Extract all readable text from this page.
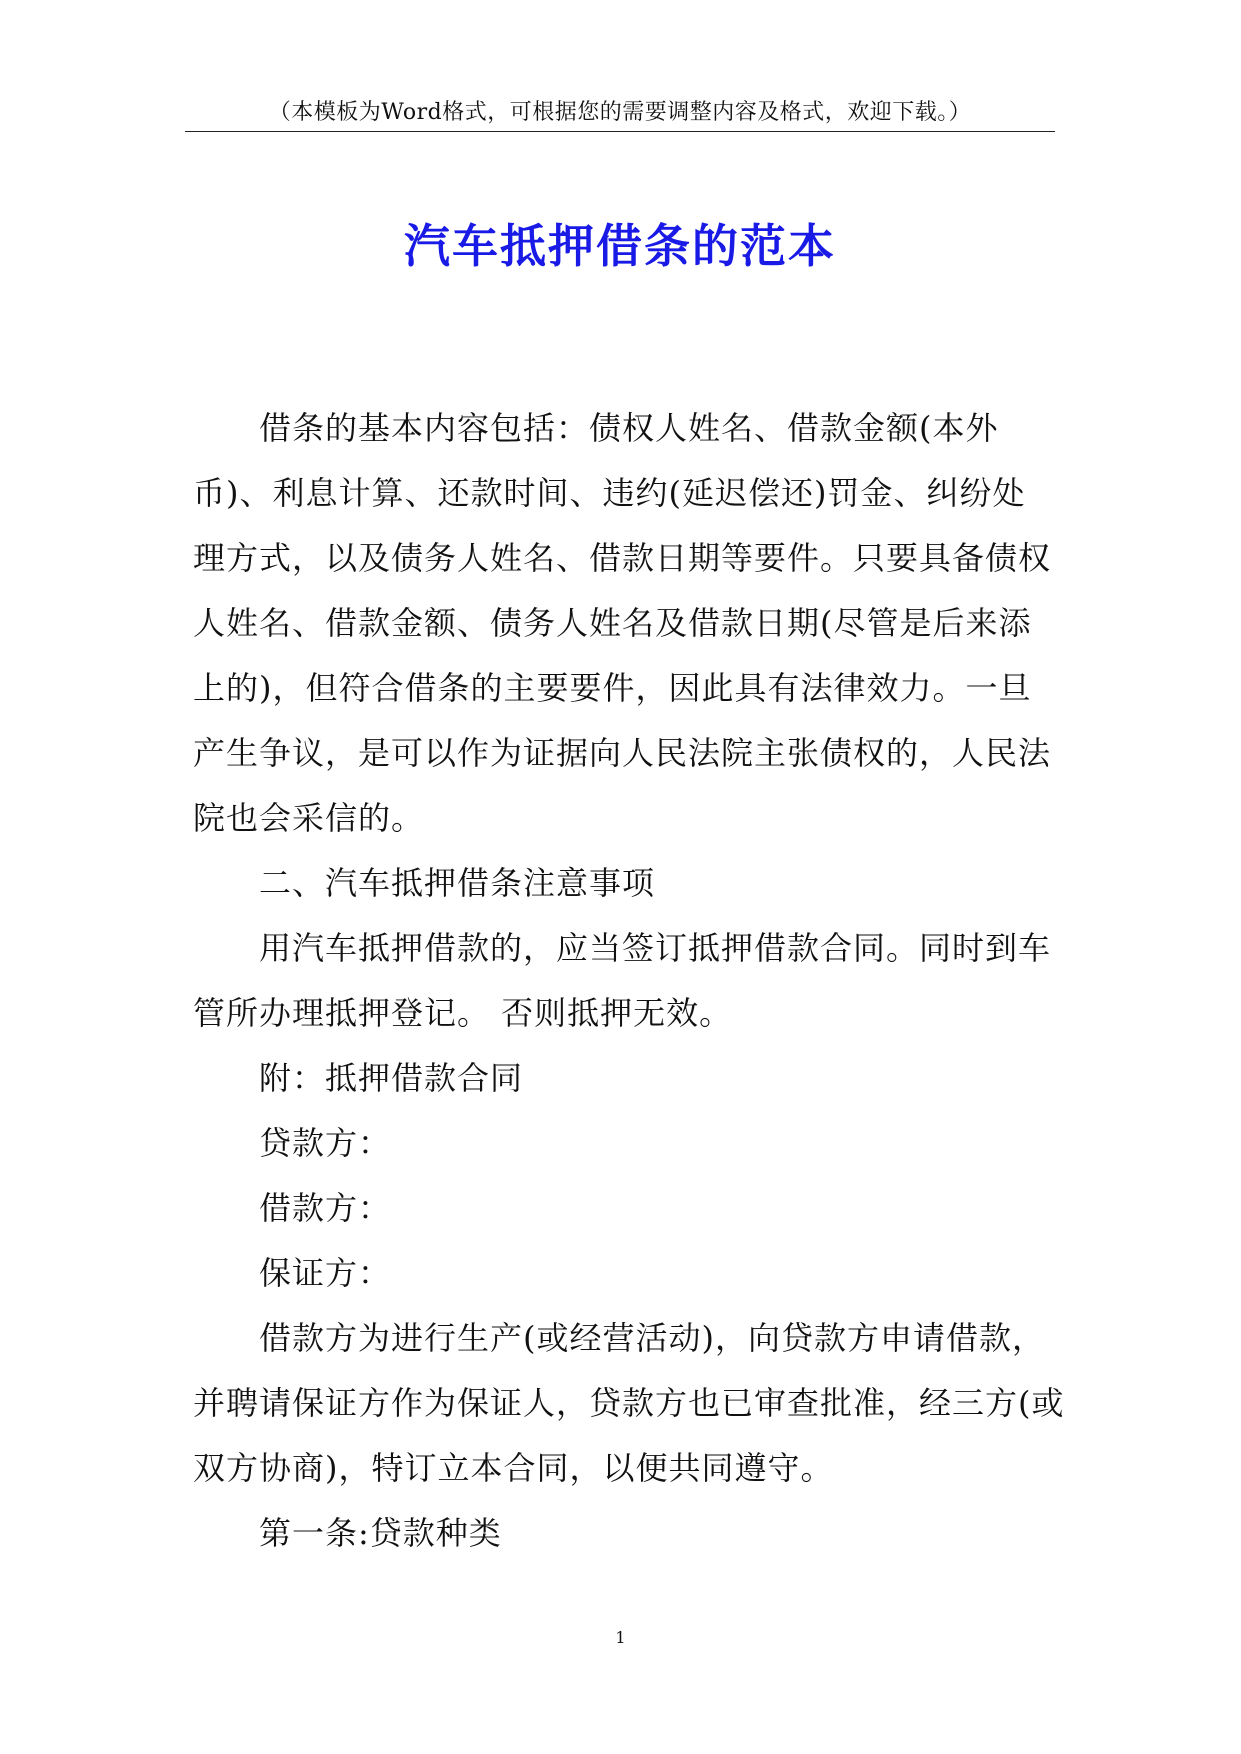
（本模板为Word格式，可根据您的需要调整内容及格式，欢迎下载。）
汽车抵押借条的范本
借条的基本内容包括：债权人姓名、借款金额(本外
币)、利息计算、还款时间、违约(延迟偿还)罚金、纠纷处
理方式，以及债务人姓名、借款日期等要件。只要具备债权
人姓名、借款金额、债务人姓名及借款日期(尽管是后来添
上的)，但符合借条的主要要件，因此具有法律效力。一旦
产生争议，是可以作为证据向人民法院主张债权的，人民法
院也会采信的。
二、汽车抵押借条注意事项
用汽车抵押借款的，应当签订抵押借款合同。同时到车
管所办理抵押登记。 否则抵押无效。
附：抵押借款合同
贷款方：
借款方：
保证方：
借款方为进行生产(或经营活动)，向贷款方申请借款，
并聘请保证方作为保证人，贷款方也已审查批准，经三方(或
双方协商)，特订立本合同，以便共同遵守。
第一条:贷款种类
1
